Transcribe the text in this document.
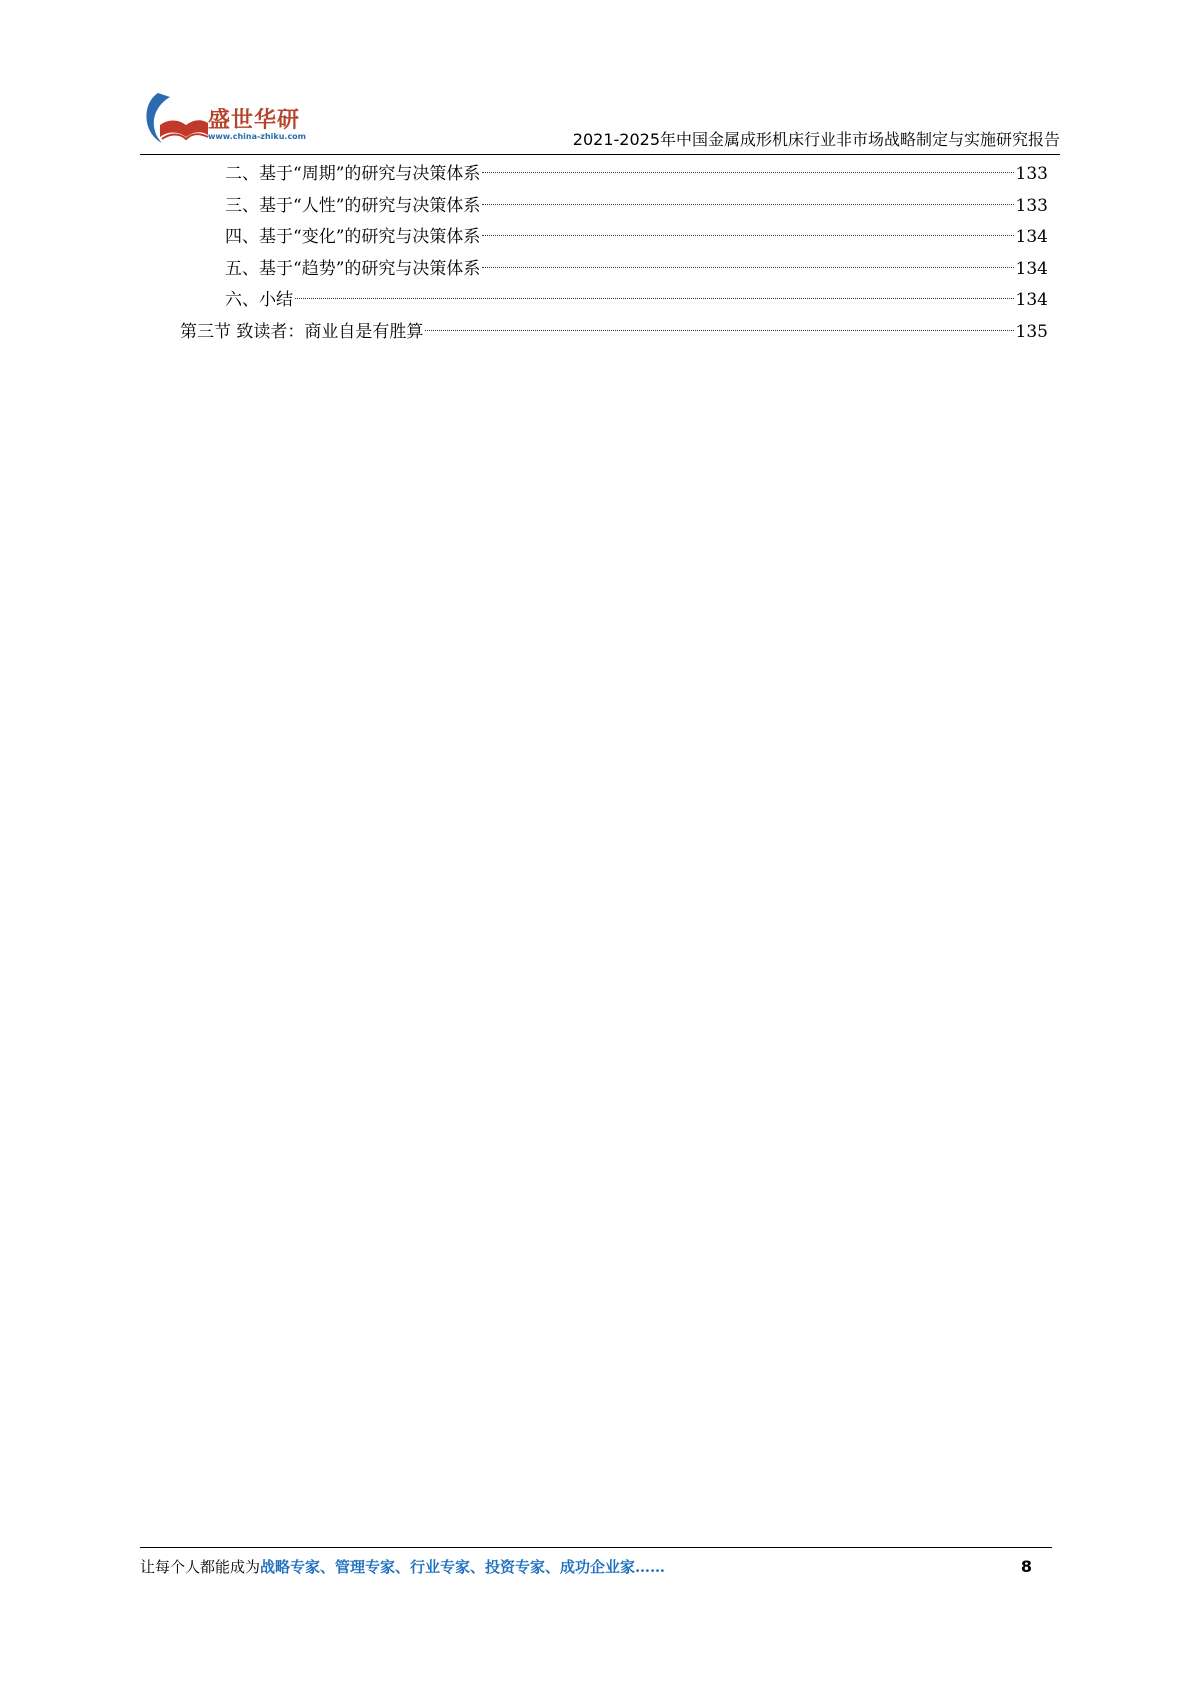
盛世华研
www.china-zhiku.com	2021-2025年中国金属成形机床行业非市场战略制定与实施研究报告
二、基于“周期”的研究与决策体系	133
三、基于“人性”的研究与决策体系	133
四、基于“变化”的研究与决策体系	134
五、基于“趋势”的研究与决策体系	134
六、小结	134
第三节 致读者：商业自是有胜算	135
让每个人都能成为战略专家、管理专家、行业专家、投资专家、成功企业家……	8
